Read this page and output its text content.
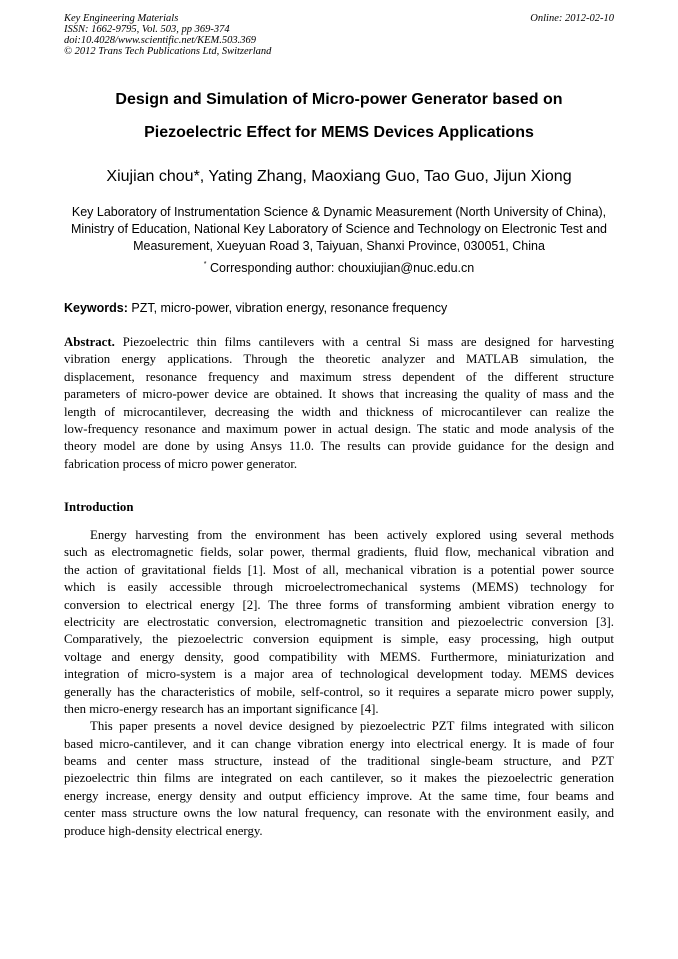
Key Engineering Materials
ISSN: 1662-9795, Vol. 503, pp 369-374
doi:10.4028/www.scientific.net/KEM.503.369
© 2012 Trans Tech Publications Ltd, Switzerland
Online: 2012-02-10
Design and Simulation of Micro-power Generator based on
Piezoelectric Effect for MEMS Devices Applications
Xiujian chou*, Yating Zhang, Maoxiang Guo, Tao Guo, Jijun Xiong
Key Laboratory of Instrumentation Science & Dynamic Measurement (North University of China),
Ministry of Education, National Key Laboratory of Science and Technology on Electronic Test and
Measurement, Xueyuan Road 3, Taiyuan, Shanxi Province, 030051, China
* Corresponding author: chouxiujian@nuc.edu.cn
Keywords: PZT, micro-power, vibration energy, resonance frequency
Abstract. Piezoelectric thin films cantilevers with a central Si mass are designed for harvesting
vibration energy applications. Through the theoretic analyzer and MATLAB simulation, the
displacement, resonance frequency and maximum stress dependent of the different structure
parameters of micro-power device are obtained. It shows that increasing the quality of mass and the
length of microcantilever, decreasing the width and thickness of microcantilever can realize the
low-frequency resonance and maximum power in actual design. The static and mode analysis of the
theory model are done by using Ansys 11.0. The results can provide guidance for the design and
fabrication process of micro power generator.
Introduction
Energy harvesting from the environment has been actively explored using several methods
such as electromagnetic fields, solar power, thermal gradients, fluid flow, mechanical vibration and
the action of gravitational fields [1]. Most of all, mechanical vibration is a potential power source
which is easily accessible through microelectromechanical systems (MEMS) technology for
conversion to electrical energy [2]. The three forms of transforming ambient vibration energy to
electricity are electrostatic conversion, electromagnetic transition and piezoelectric conversion [3].
Comparatively, the piezoelectric conversion equipment is simple, easy processing, high output
voltage and energy density, good compatibility with MEMS. Furthermore, miniaturization and
integration of micro-system is a major area of technological development today. MEMS devices
generally has the characteristics of mobile, self-control, so it requires a separate micro power supply,
then micro-energy research has an important significance [4].
This paper presents a novel device designed by piezoelectric PZT films integrated with silicon
based micro-cantilever, and it can change vibration energy into electrical energy. It is made of four
beams and center mass structure, instead of the traditional single-beam structure, and PZT
piezoelectric thin films are integrated on each cantilever, so it makes the piezoelectric generation
energy increase, energy density and output efficiency improve. At the same time, four beams and
center mass structure owns the low natural frequency, can resonate with the environment easily, and
produce high-density electrical energy.
